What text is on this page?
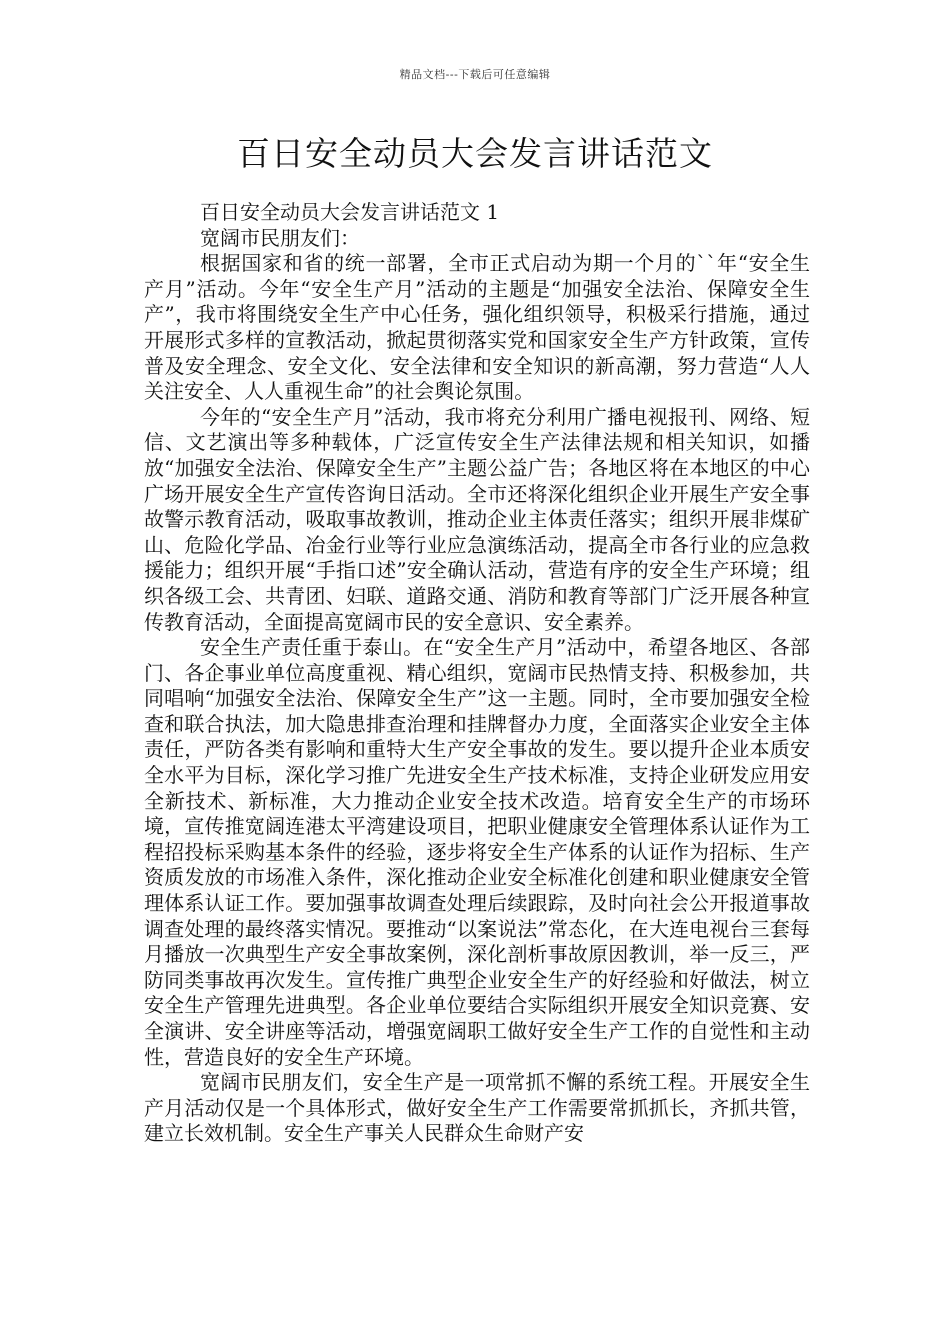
精品文档---下载后可任意编辑
百日安全动员大会发言讲话范文

百日安全动员大会发言讲话范文 1

宽阔市民朋友们：

根据国家和省的统一部署，全市正式启动为期一个月的``年“安全生产月”活动。今年“安全生产月”活动的主题是“加强安全法治、保障安全生产”，我市将围绕安全生产中心任务，强化组织领导，积极采行措施，通过开展形式多样的宣教活动，掀起贯彻落实党和国家安全生产方针政策，宣传普及安全理念、安全文化、安全法律和安全知识的新高潮，努力营造“人人关注安全、人人重视生命”的社会舆论氛围。

今年的“安全生产月”活动，我市将充分利用广播电视报刊、网络、短信、文艺演出等多种载体，广泛宣传安全生产法律法规和相关知识，如播放“加强安全法治、保障安全生产”主题公益广告；各地区将在本地区的中心广场开展安全生产宣传咨询日活动。全市还将深化组织企业开展生产安全事故警示教育活动，吸取事故教训，推动企业主体责任落实；组织开展非煤矿山、危险化学品、冶金行业等行业应急演练活动，提高全市各行业的应急救援能力；组织开展“手指口述”安全确认活动，营造有序的安全生产环境；组织各级工会、共青团、妇联、道路交通、消防和教育等部门广泛开展各种宣传教育活动，全面提高宽阔市民的安全意识、安全素养。

安全生产责任重于泰山。在“安全生产月”活动中，希望各地区、各部门、各企事业单位高度重视、精心组织，宽阔市民热情支持、积极参加，共同唱响“加强安全法治、保障安全生产”这一主题。同时，全市要加强安全检查和联合执法，加大隐患排查治理和挂牌督办力度，全面落实企业安全主体责任，严防各类有影响和重特大生产安全事故的发生。要以提升企业本质安全水平为目标，深化学习推广先进安全生产技术标准，支持企业研发应用安全新技术、新标准，大力推动企业安全技术改造。培育安全生产的市场环境，宣传推宽阔连港太平湾建设项目，把职业健康安全管理体系认证作为工程招投标采购基本条件的经验，逐步将安全生产体系的认证作为招标、生产资质发放的市场准入条件，深化推动企业安全标准化创建和职业健康安全管理体系认证工作。要加强事故调查处理后续跟踪，及时向社会公开报道事故调查处理的最终落实情况。要推动“以案说法”常态化，在大连电视台三套每月播放一次典型生产安全事故案例，深化剖析事故原因教训，举一反三，严防同类事故再次发生。宣传推广典型企业安全生产的好经验和好做法，树立安全生产管理先进典型。各企业单位要结合实际组织开展安全知识竞赛、安全演讲、安全讲座等活动，增强宽阔职工做好安全生产工作的自觉性和主动性，营造良好的安全生产环境。

宽阔市民朋友们，安全生产是一项常抓不懈的系统工程。开展安全生产月活动仅是一个具体形式，做好安全生产工作需要常抓抓长，齐抓共管，建立长效机制。安全生产事关人民群众生命财产安
